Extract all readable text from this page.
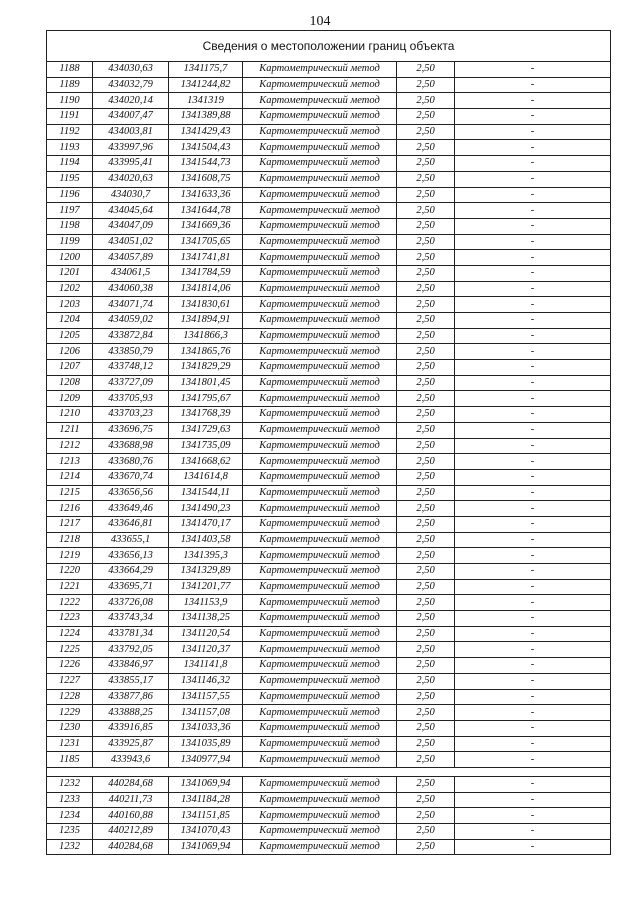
104
Сведения о местоположении границ объекта					
1188	434030,63	1341175,7	Картометрический метод	2,50	-
1189	434032,79	1341244,82	Картометрический метод	2,50	-
1190	434020,14	1341319	Картометрический метод	2,50	-
1191	434007,47	1341389,88	Картометрический метод	2,50	-
1192	434003,81	1341429,43	Картометрический метод	2,50	-
1193	433997,96	1341504,43	Картометрический метод	2,50	-
1194	433995,41	1341544,73	Картометрический метод	2,50	-
1195	434020,63	1341608,75	Картометрический метод	2,50	-
1196	434030,7	1341633,36	Картометрический метод	2,50	-
1197	434045,64	1341644,78	Картометрический метод	2,50	-
1198	434047,09	1341669,36	Картометрический метод	2,50	-
1199	434051,02	1341705,65	Картометрический метод	2,50	-
1200	434057,89	1341741,81	Картометрический метод	2,50	-
1201	434061,5	1341784,59	Картометрический метод	2,50	-
1202	434060,38	1341814,06	Картометрический метод	2,50	-
1203	434071,74	1341830,61	Картометрический метод	2,50	-
1204	434059,02	1341894,91	Картометрический метод	2,50	-
1205	433872,84	1341866,3	Картометрический метод	2,50	-
1206	433850,79	1341865,76	Картометрический метод	2,50	-
1207	433748,12	1341829,29	Картометрический метод	2,50	-
1208	433727,09	1341801,45	Картометрический метод	2,50	-
1209	433705,93	1341795,67	Картометрический метод	2,50	-
1210	433703,23	1341768,39	Картометрический метод	2,50	-
1211	433696,75	1341729,63	Картометрический метод	2,50	-
1212	433688,98	1341735,09	Картометрический метод	2,50	-
1213	433680,76	1341668,62	Картометрический метод	2,50	-
1214	433670,74	1341614,8	Картометрический метод	2,50	-
1215	433656,56	1341544,11	Картометрический метод	2,50	-
1216	433649,46	1341490,23	Картометрический метод	2,50	-
1217	433646,81	1341470,17	Картометрический метод	2,50	-
1218	433655,1	1341403,58	Картометрический метод	2,50	-
1219	433656,13	1341395,3	Картометрический метод	2,50	-
1220	433664,29	1341329,89	Картометрический метод	2,50	-
1221	433695,71	1341201,77	Картометрический метод	2,50	-
1222	433726,08	1341153,9	Картометрический метод	2,50	-
1223	433743,34	1341138,25	Картометрический метод	2,50	-
1224	433781,34	1341120,54	Картометрический метод	2,50	-
1225	433792,05	1341120,37	Картометрический метод	2,50	-
1226	433846,97	1341141,8	Картометрический метод	2,50	-
1227	433855,17	1341146,32	Картометрический метод	2,50	-
1228	433877,86	1341157,55	Картометрический метод	2,50	-
1229	433888,25	1341157,08	Картометрический метод	2,50	-
1230	433916,85	1341033,36	Картометрический метод	2,50	-
1231	433925,87	1341035,89	Картометрический метод	2,50	-
1185	433943,6	1340977,94	Картометрический метод	2,50	-

1232	440284,68	1341069,94	Картометрический метод	2,50	-
1233	440211,73	1341184,28	Картометрический метод	2,50	-
1234	440160,88	1341151,85	Картометрический метод	2,50	-
1235	440212,89	1341070,43	Картометрический метод	2,50	-
1232	440284,68	1341069,94	Картометрический метод	2,50	-
